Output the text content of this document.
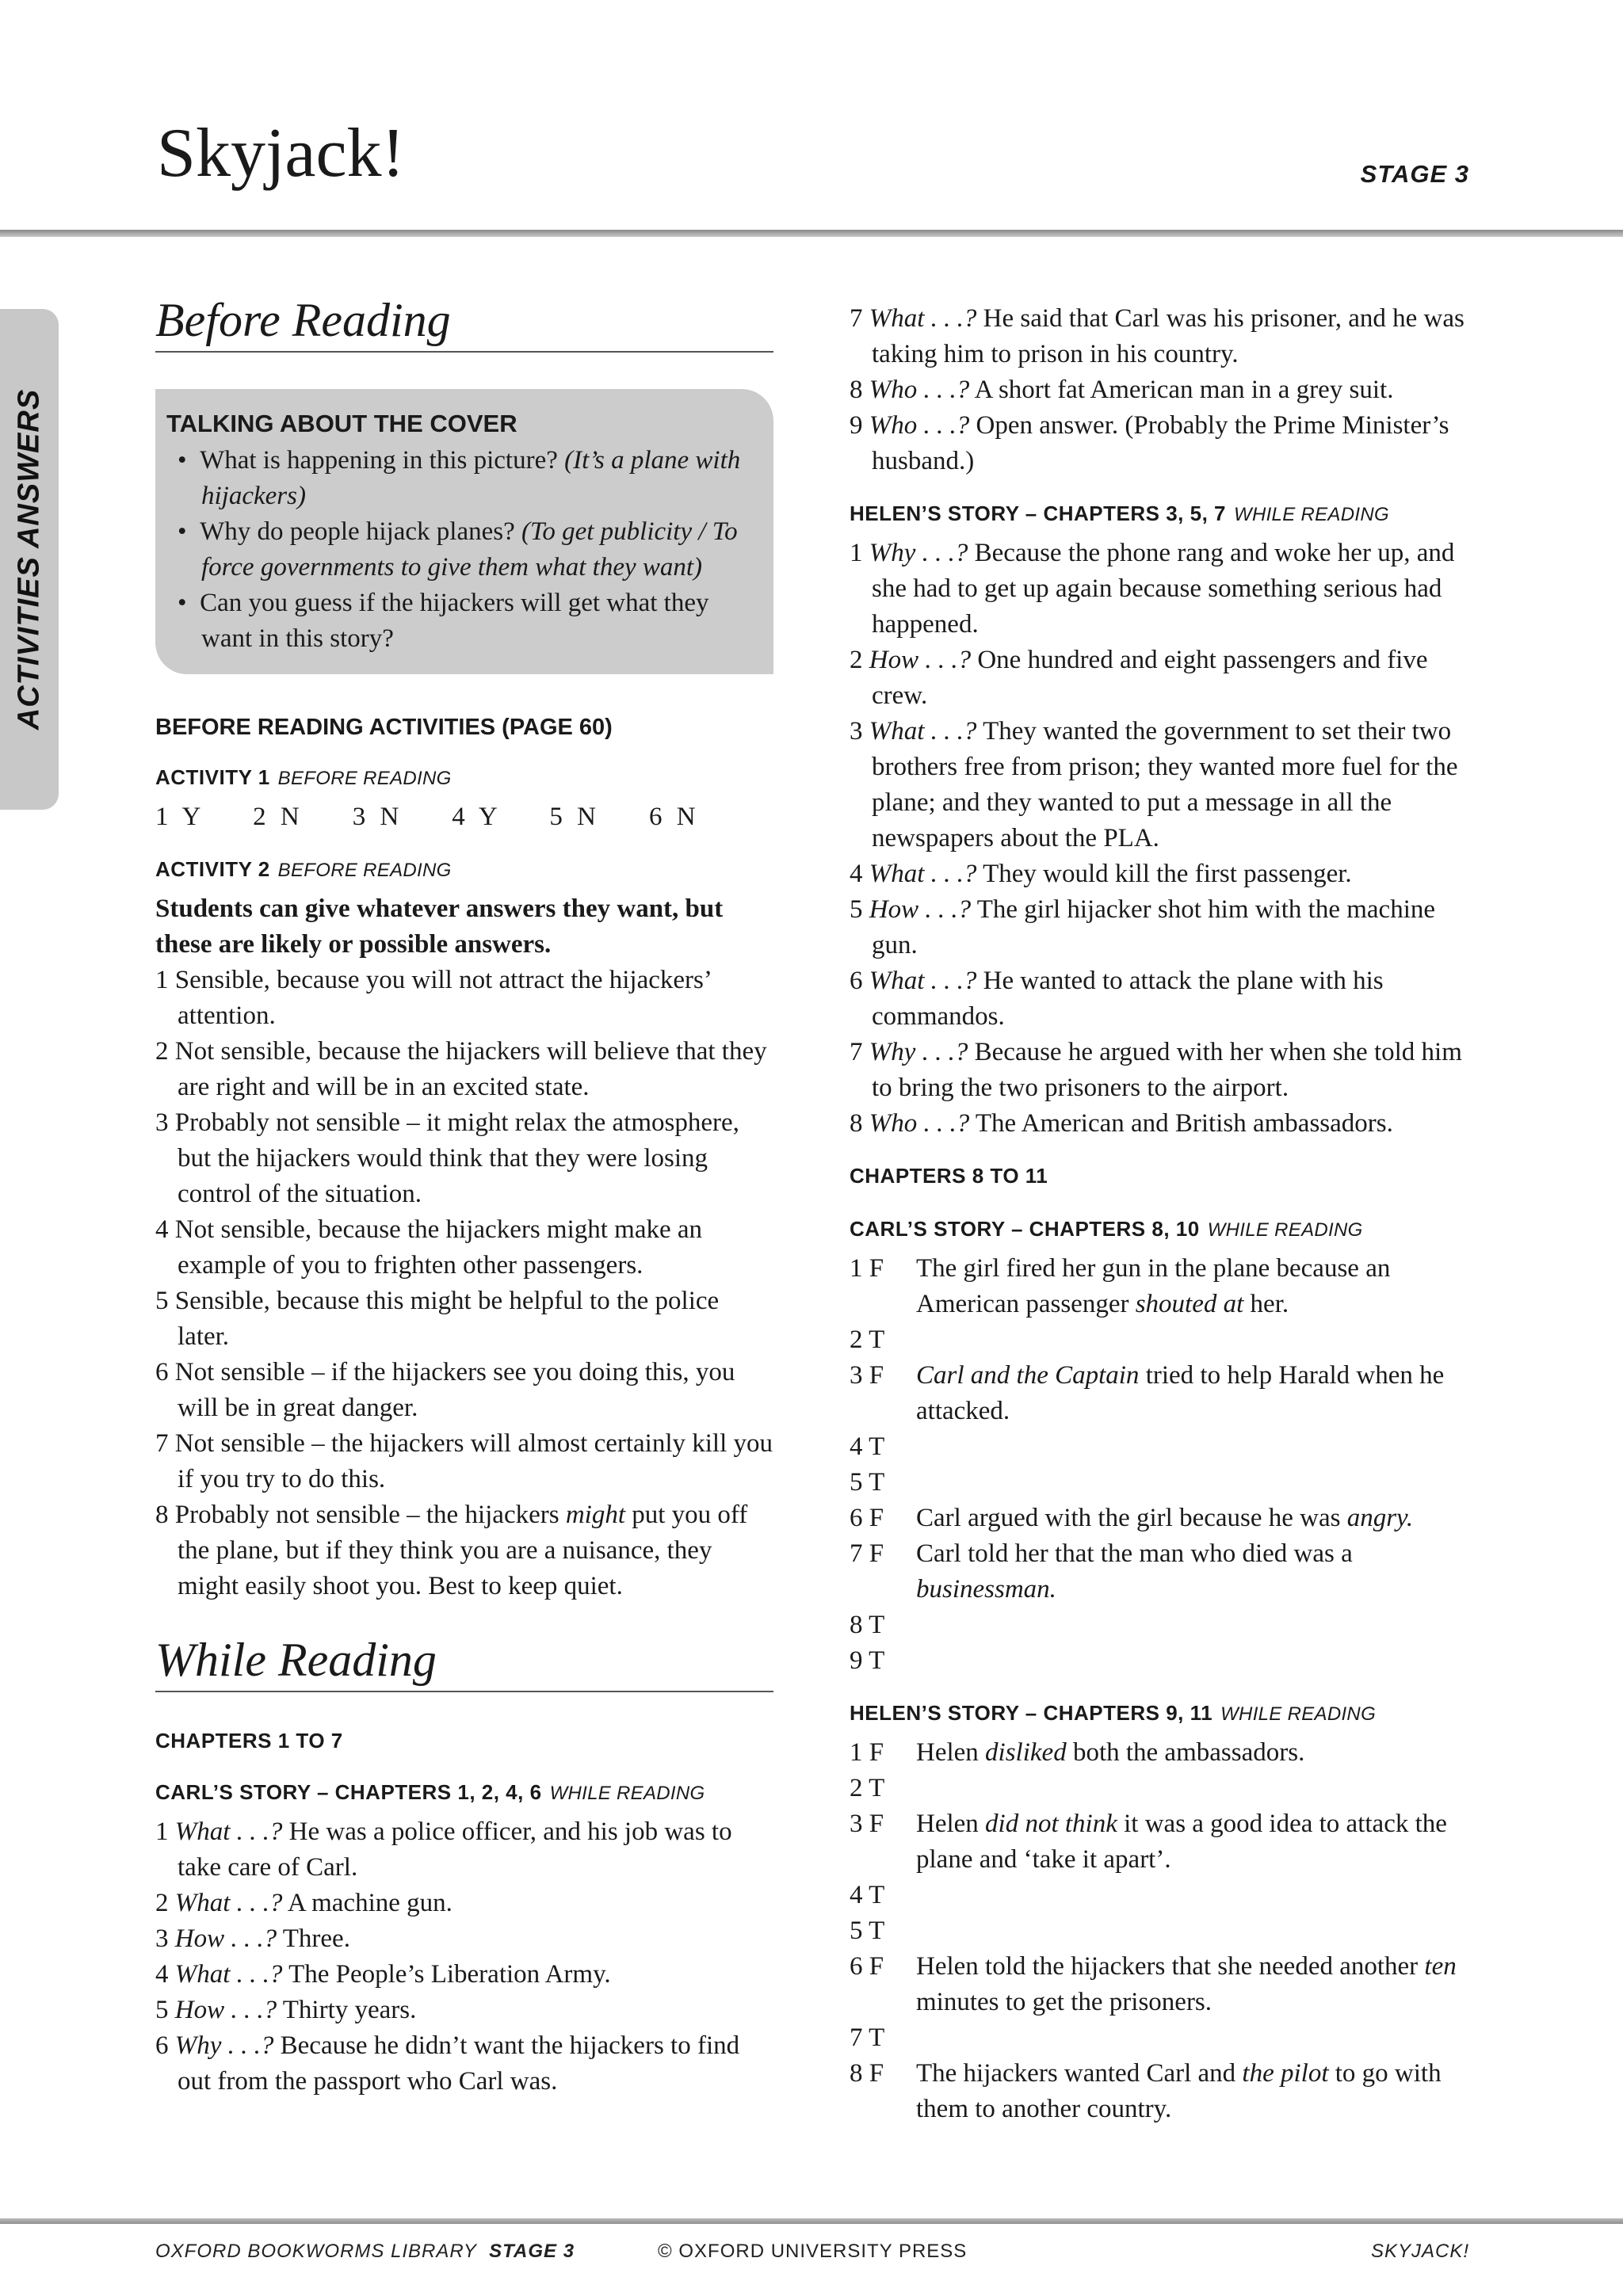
Skyjack!	STAGE 3
ACTIVITIES ANSWERS
Before Reading
TALKING ABOUT THE COVER
•  What is happening in this picture? (It’s a plane with hijackers)
•  Why do people hijack planes? (To get publicity / To force governments to give them what they want)
•  Can you guess if the hijackers will get what they want in this story?
BEFORE READING ACTIVITIES (PAGE 60)
ACTIVITY 1 BEFORE READING
1 Y    2 N    3 N    4 Y    5 N    6 N
ACTIVITY 2 BEFORE READING
Students can give whatever answers they want, but these are likely or possible answers.
1 Sensible, because you will not attract the hijackers’ attention.
2 Not sensible, because the hijackers will believe that they are right and will be in an excited state.
3 Probably not sensible – it might relax the atmosphere, but the hijackers would think that they were losing control of the situation.
4 Not sensible, because the hijackers might make an example of you to frighten other passengers.
5 Sensible, because this might be helpful to the police later.
6 Not sensible – if the hijackers see you doing this, you will be in great danger.
7 Not sensible – the hijackers will almost certainly kill you if you try to do this.
8 Probably not sensible – the hijackers might put you off the plane, but if they think you are a nuisance, they might easily shoot you. Best to keep quiet.
While Reading
CHAPTERS 1 TO 7
CARL’S STORY – CHAPTERS 1, 2, 4, 6 WHILE READING
1 What . . .? He was a police officer, and his job was to take care of Carl.
2 What . . .? A machine gun.
3 How . . .? Three.
4 What . . .? The People’s Liberation Army.
5 How . . .? Thirty years.
6 Why . . .? Because he didn’t want the hijackers to find out from the passport who Carl was.
7 What . . .? He said that Carl was his prisoner, and he was taking him to prison in his country.
8 Who . . .? A short fat American man in a grey suit.
9 Who . . .? Open answer. (Probably the Prime Minister’s husband.)
HELEN’S STORY – CHAPTERS 3, 5, 7 WHILE READING
1 Why . . .? Because the phone rang and woke her up, and she had to get up again because something serious had happened.
2 How . . .? One hundred and eight passengers and five crew.
3 What . . .? They wanted the government to set their two brothers free from prison; they wanted more fuel for the plane; and they wanted to put a message in all the newspapers about the PLA.
4 What . . .? They would kill the first passenger.
5 How . . .? The girl hijacker shot him with the machine gun.
6 What . . .? He wanted to attack the plane with his commandos.
7 Why . . .? Because he argued with her when she told him to bring the two prisoners to the airport.
8 Who . . .? The American and British ambassadors.
CHAPTERS 8 TO 11
CARL’S STORY – CHAPTERS 8, 10 WHILE READING
1 F The girl fired her gun in the plane because an American passenger shouted at her.
2 T

3 F Carl and the Captain tried to help Harald when he attacked.
4 T

5 T

6 F Carl argued with the girl because he was angry.
7 F Carl told her that the man who died was a businessman.
8 T

9 T

HELEN’S STORY – CHAPTERS 9, 11 WHILE READING
1 F Helen disliked both the ambassadors.
2 T

3 F Helen did not think it was a good idea to attack the plane and ‘take it apart’.
4 T

5 T

6 F Helen told the hijackers that she needed another ten minutes to get the prisoners.
7 T

8 F The hijackers wanted Carl and the pilot to go with them to another country.
OXFORD BOOKWORMS LIBRARY STAGE 3	© OXFORD UNIVERSITY PRESS	SKYJACK!
